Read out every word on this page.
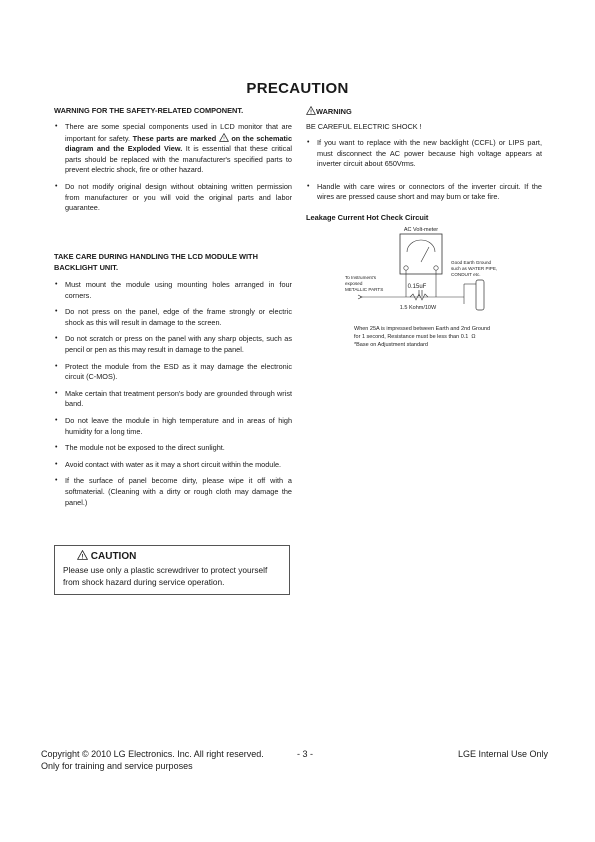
PRECAUTION
WARNING FOR THE SAFETY-RELATED COMPONENT.
• There are some special components used in LCD monitor that are important for safety. These parts are marked ! on the schematic diagram and the Exploded View. It is essential that these critical parts should be replaced with the manufacturer's specified parts to prevent electric shock, fire or other hazard.
• Do not modify original design without obtaining written permission from manufacturer or you will void the original parts and labor guarantee.
TAKE CARE DURING HANDLING THE LCD MODULE WITH
BACKLIGHT UNIT.
• Must mount the module using mounting holes arranged in four corners.
• Do not press on the panel, edge of the frame strongly or electric shock as this will result in damage to the screen.
• Do not scratch or press on the panel with any sharp objects, such as pencil or pen as this may result in damage to the panel.
• Protect the module from the ESD as it may damage the electronic circuit (C-MOS).
• Make certain that treatment person's body are grounded through wrist band.
• Do not leave the module in high temperature and in areas of high humidity for a long time.
• The module not be exposed to the direct sunlight.
• Avoid contact with water as it may a short circuit within the module.
• If the surface of panel become dirty, please wipe it off with a softmaterial. (Cleaning with a dirty or rough cloth may damage the panel.)
! CAUTION
Please use only a plastic screwdriver to protect yourself from shock hazard during service operation.
! WARNING
BE CAREFUL ELECTRIC SHOCK !
• If you want to replace with the new backlight (CCFL) or LIPS part, must disconnect the AC power because high voltage appears at inverter circuit about 650Vrms.
• Handle with care wires or connectors of the inverter circuit. If the wires are pressed cause short and may burn or take fire.
Leakage Current Hot Check Circuit
AC Volt-meter
0.15uF
1.5 Kohm/10W
To Instrument's
exposed
METALLIC PARTS
Good Earth Ground
such as WATER PIPE,
CONDUIT etc.
When 25A is impressed between Earth and 2nd Ground
for 1 second, Resistance must be less than 0.1 Ω
*Base on Adjustment standard
Copyright © 2010 LG Electronics. Inc. All right reserved.	- 3 -	LGE Internal Use Only
Only for training and service purposes
